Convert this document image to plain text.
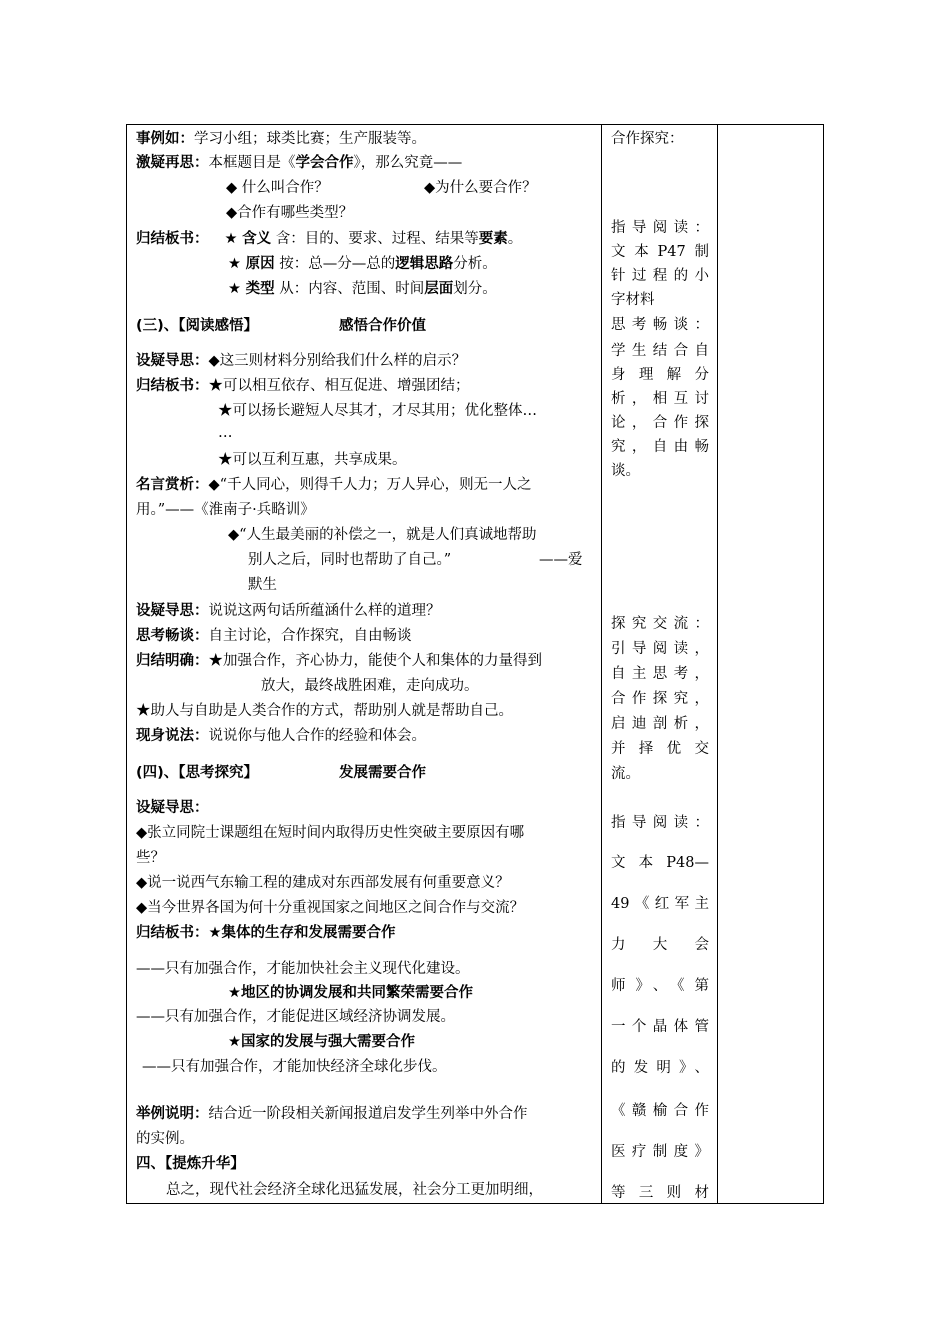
事例如：学习小组；球类比赛；生产服装等。
激疑再思：本框题目是《学会合作》，那么究竟——
◆ 什么叫合作？	◆为什么要合作？
◆合作有哪些类型？
归结板书： ★ 含义 含：目的、要求、过程、结果等要素。
★ 原因 按：总—分—总的逻辑思路分析。
★ 类型 从：内容、范围、时间层面划分。
(三)、【阅读感悟】	感悟合作价值
设疑导思：◆这三则材料分别给我们什么样的启示？
归结板书：★可以相互依存、相互促进、增强团结；
★可以扬长避短人尽其才，才尽其用；优化整体…
…
★可以互利互惠，共享成果。
名言赏析：◆“千人同心，则得千人力；万人异心，则无一人之
用。”——《淮南子·兵略训》
◆“人生最美丽的补偿之一，就是人们真诚地帮助
别人之后，同时也帮助了自己。”	——爱
默生
设疑导思：说说这两句话所蕴涵什么样的道理？
思考畅谈：自主讨论，合作探究，自由畅谈
归结明确：★加强合作，齐心协力，能使个人和集体的力量得到
放大，最终战胜困难，走向成功。
★助人与自助是人类合作的方式，帮助别人就是帮助自己。
现身说法：说说你与他人合作的经验和体会。
(四)、【思考探究】	发展需要合作
设疑导思：
◆张立同院士课题组在短时间内取得历史性突破主要原因有哪
些？
◆说一说西气东输工程的建成对东西部发展有何重要意义？
◆当今世界各国为何十分重视国家之间地区之间合作与交流？
归结板书：★集体的生存和发展需要合作
——只有加强合作，才能加快社会主义现代化建设。
★地区的协调发展和共同繁荣需要合作
——只有加强合作，才能促进区域经济协调发展。
★国家的发展与强大需要合作
——只有加强合作，才能加快经济全球化步伐。
举例说明：结合近一阶段相关新闻报道启发学生列举中外合作
的实例。
四、【提炼升华】
总之，现代社会经济全球化迅猛发展，社会分工更加明细，
合作探究：
指导阅读：
文本P47制
针过程的小
字材料
思考畅谈：
学生结合自
身理解分
析，相互讨
论，合作探
究，自由畅
谈。
探究交流：
引导阅读，
自主思考，
合作探究，
启迪剖析，
并择优交
流。
指导阅读：
文本P48—
49《红军主
力大会
师》、《第
一个晶体管
的发明》、
《赣榆合作
医疗制度》
等三则材
